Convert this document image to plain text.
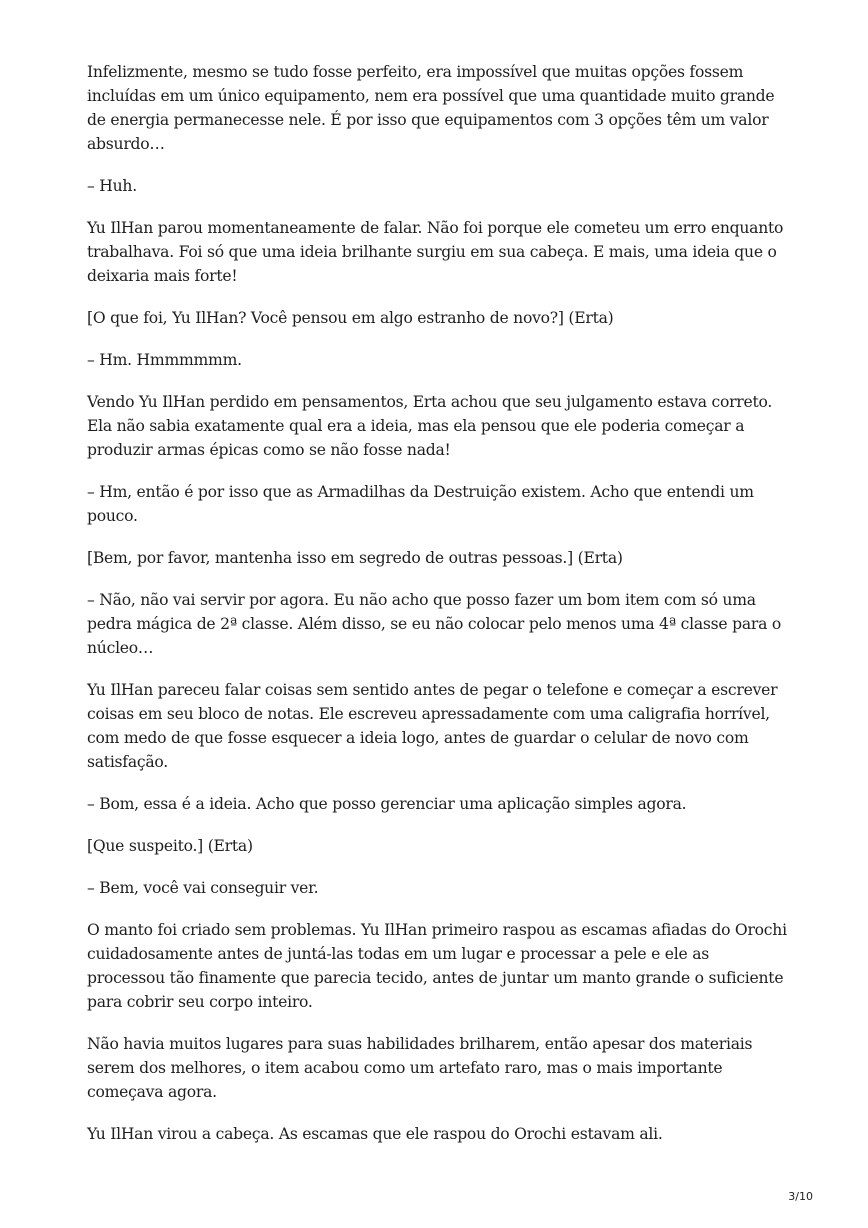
Infelizmente, mesmo se tudo fosse perfeito, era impossível que muitas opções fossem incluídas em um único equipamento, nem era possível que uma quantidade muito grande de energia permanecesse nele. É por isso que equipamentos com 3 opções têm um valor absurdo…

– Huh.

Yu IlHan parou momentaneamente de falar. Não foi porque ele cometeu um erro enquanto trabalhava. Foi só que uma ideia brilhante surgiu em sua cabeça. E mais, uma ideia que o deixaria mais forte!

[O que foi, Yu IlHan? Você pensou em algo estranho de novo?] (Erta)

– Hm. Hmmmmmm.

Vendo Yu IlHan perdido em pensamentos, Erta achou que seu julgamento estava correto. Ela não sabia exatamente qual era a ideia, mas ela pensou que ele poderia começar a produzir armas épicas como se não fosse nada!

– Hm, então é por isso que as Armadilhas da Destruição existem. Acho que entendi um pouco.

[Bem, por favor, mantenha isso em segredo de outras pessoas.] (Erta)

– Não, não vai servir por agora. Eu não acho que posso fazer um bom item com só uma pedra mágica de 2ª classe. Além disso, se eu não colocar pelo menos uma 4ª classe para o núcleo…

Yu IlHan pareceu falar coisas sem sentido antes de pegar o telefone e começar a escrever coisas em seu bloco de notas. Ele escreveu apressadamente com uma caligrafia horrível, com medo de que fosse esquecer a ideia logo, antes de guardar o celular de novo com satisfação.

– Bom, essa é a ideia. Acho que posso gerenciar uma aplicação simples agora.

[Que suspeito.] (Erta)

– Bem, você vai conseguir ver.

O manto foi criado sem problemas. Yu IlHan primeiro raspou as escamas afiadas do Orochi cuidadosamente antes de juntá-las todas em um lugar e processar a pele e ele as processou tão finamente que parecia tecido, antes de juntar um manto grande o suficiente para cobrir seu corpo inteiro.

Não havia muitos lugares para suas habilidades brilharem, então apesar dos materiais serem dos melhores, o item acabou como um artefato raro, mas o mais importante começava agora.

Yu IlHan virou a cabeça. As escamas que ele raspou do Orochi estavam ali.

3/10
